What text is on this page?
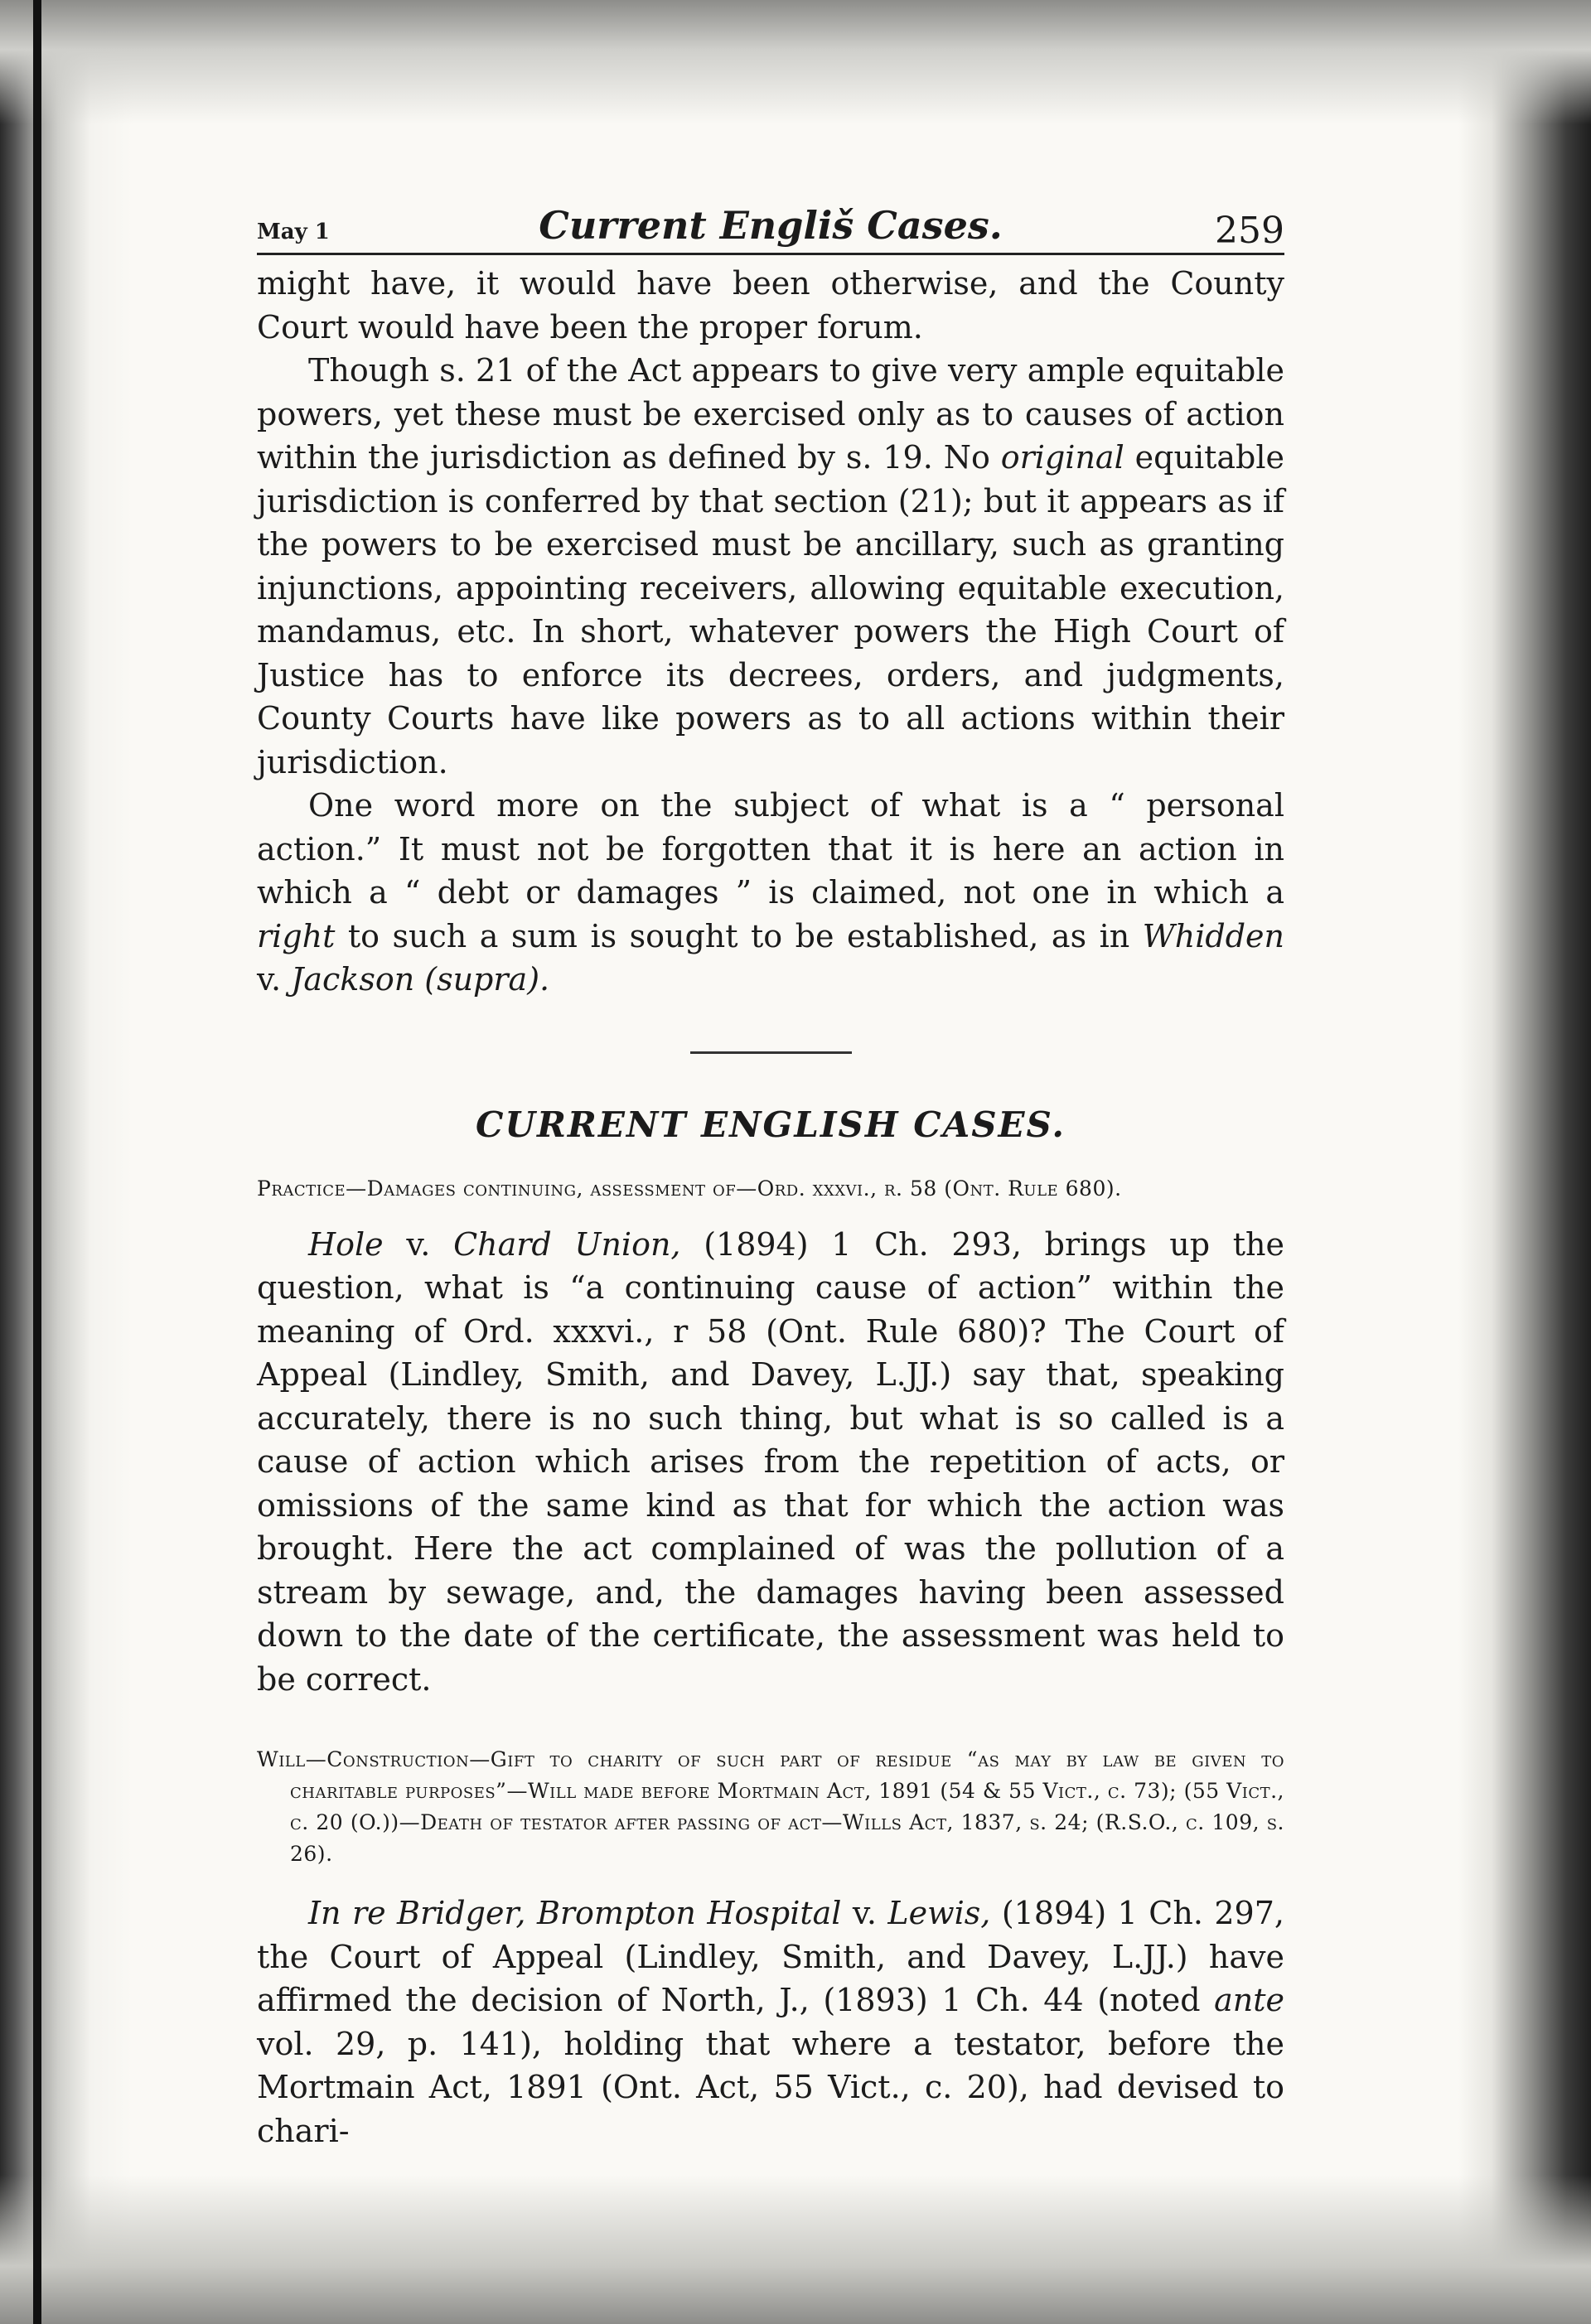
May 1	Current Engliš Cases.	259

might have, it would have been otherwise, and the County Court would have been the proper forum.

Though s. 21 of the Act appears to give very ample equitable powers, yet these must be exercised only as to causes of action within the jurisdiction as defined by s. 19. No original equitable jurisdiction is conferred by that section (21); but it appears as if the powers to be exercised must be ancillary, such as granting injunctions, appointing receivers, allowing equitable execution, mandamus, etc. In short, whatever powers the High Court of Justice has to enforce its decrees, orders, and judgments, County Courts have like powers as to all actions within their jurisdiction.

One word more on the subject of what is a “ personal action.” It must not be forgotten that it is here an action in which a “ debt or damages ” is claimed, not one in which a right to such a sum is sought to be established, as in Whidden v. Jackson (supra).

CURRENT ENGLISH CASES.

Practice—Damages continuing, assessment of—Ord. xxxvi., r. 58 (Ont. Rule 680).

Hole v. Chard Union, (1894) 1 Ch. 293, brings up the question, what is “a continuing cause of action” within the meaning of Ord. xxxvi., r 58 (Ont. Rule 680)? The Court of Appeal (Lindley, Smith, and Davey, L.JJ.) say that, speaking accurately, there is no such thing, but what is so called is a cause of action which arises from the repetition of acts, or omissions of the same kind as that for which the action was brought. Here the act complained of was the pollution of a stream by sewage, and, the damages having been assessed down to the date of the certificate, the assessment was held to be correct.

Will—Construction—Gift to charity of such part of residue “as may by law be given to charitable purposes”—Will made before Mortmain Act, 1891 (54 & 55 Vict., c. 73); (55 Vict., c. 20 (O.))—Death of testator after passing of act—Wills Act, 1837, s. 24; (R.S.O., c. 109, s. 26).

In re Bridger, Brompton Hospital v. Lewis, (1894) 1 Ch. 297, the Court of Appeal (Lindley, Smith, and Davey, L.JJ.) have affirmed the decision of North, J., (1893) 1 Ch. 44 (noted ante vol. 29, p. 141), holding that where a testator, before the Mortmain Act, 1891 (Ont. Act, 55 Vict., c. 20), had devised to chari-
